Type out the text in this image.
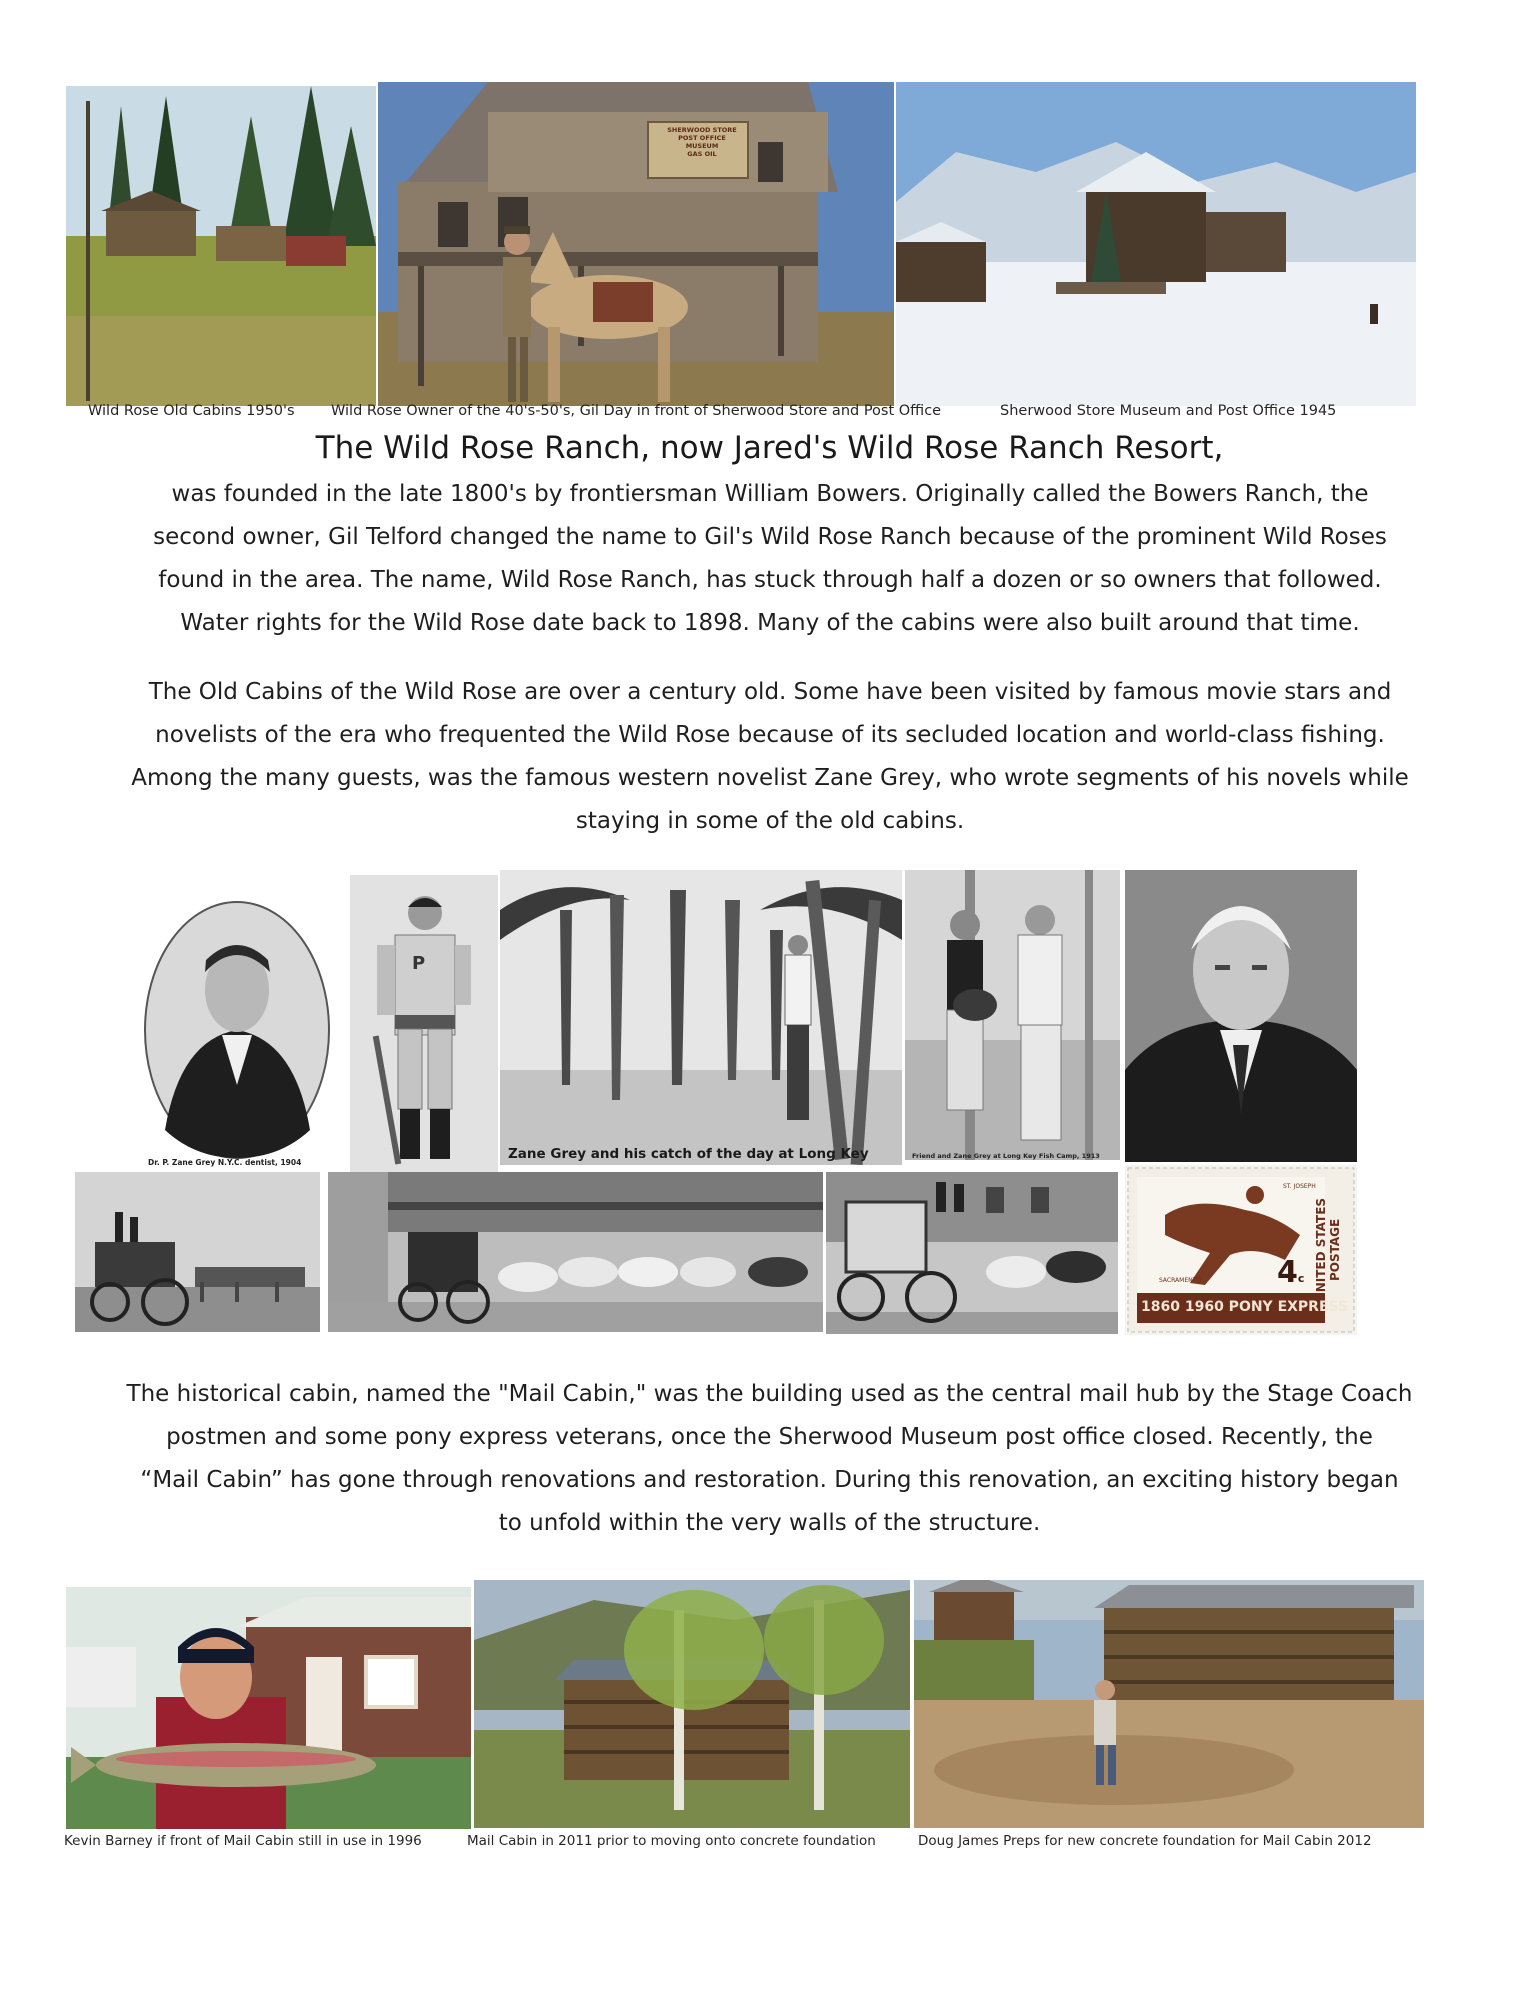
SHERWOOD STORE
POST OFFICE
MUSEUM
GAS OIL
Wild Rose Old Cabins 1950's	Wild Rose Owner of the 40's-50's, Gil Day in front of Sherwood Store and Post Office	Sherwood Store Museum and Post Office 1945
The Wild Rose Ranch, now Jared's Wild Rose Ranch Resort,
was founded in the late 1800's by frontiersman William Bowers. Originally called the Bowers Ranch, the
second owner, Gil Telford changed the name to Gil's Wild Rose Ranch because of the prominent Wild Roses
found in the area. The name, Wild Rose Ranch, has stuck through half a dozen or so owners that followed.
Water rights for the Wild Rose date back to 1898. Many of the cabins were also built around that time.
The Old Cabins of the Wild Rose are over a century old. Some have been visited by famous movie stars and
novelists of the era who frequented the Wild Rose because of its secluded location and world-class fishing.
Among the many guests, was the famous western novelist Zane Grey, who wrote segments of his novels while
staying in some of the old cabins.
Dr. P. Zane Grey N.Y.C. dentist, 1904
P
Zane Grey and his catch of the day at Long Key	Friend and Zane Grey at Long Key Fish Camp, 1913
UNITED STATES POSTAGE
4c
1860 1960 PONY EXPRESS
ST. JOSEPH
SACRAMENTO
The historical cabin, named the "Mail Cabin," was the building used as the central mail hub by the Stage Coach
postmen and some pony express veterans, once the Sherwood Museum post office closed. Recently, the
“Mail Cabin” has gone through renovations and restoration. During this renovation, an exciting history began
to unfold within the very walls of the structure.
Kevin Barney if front of Mail Cabin still in use in 1996	Mail Cabin in 2011 prior to moving onto concrete foundation	Doug James Preps for new concrete foundation for Mail Cabin 2012
